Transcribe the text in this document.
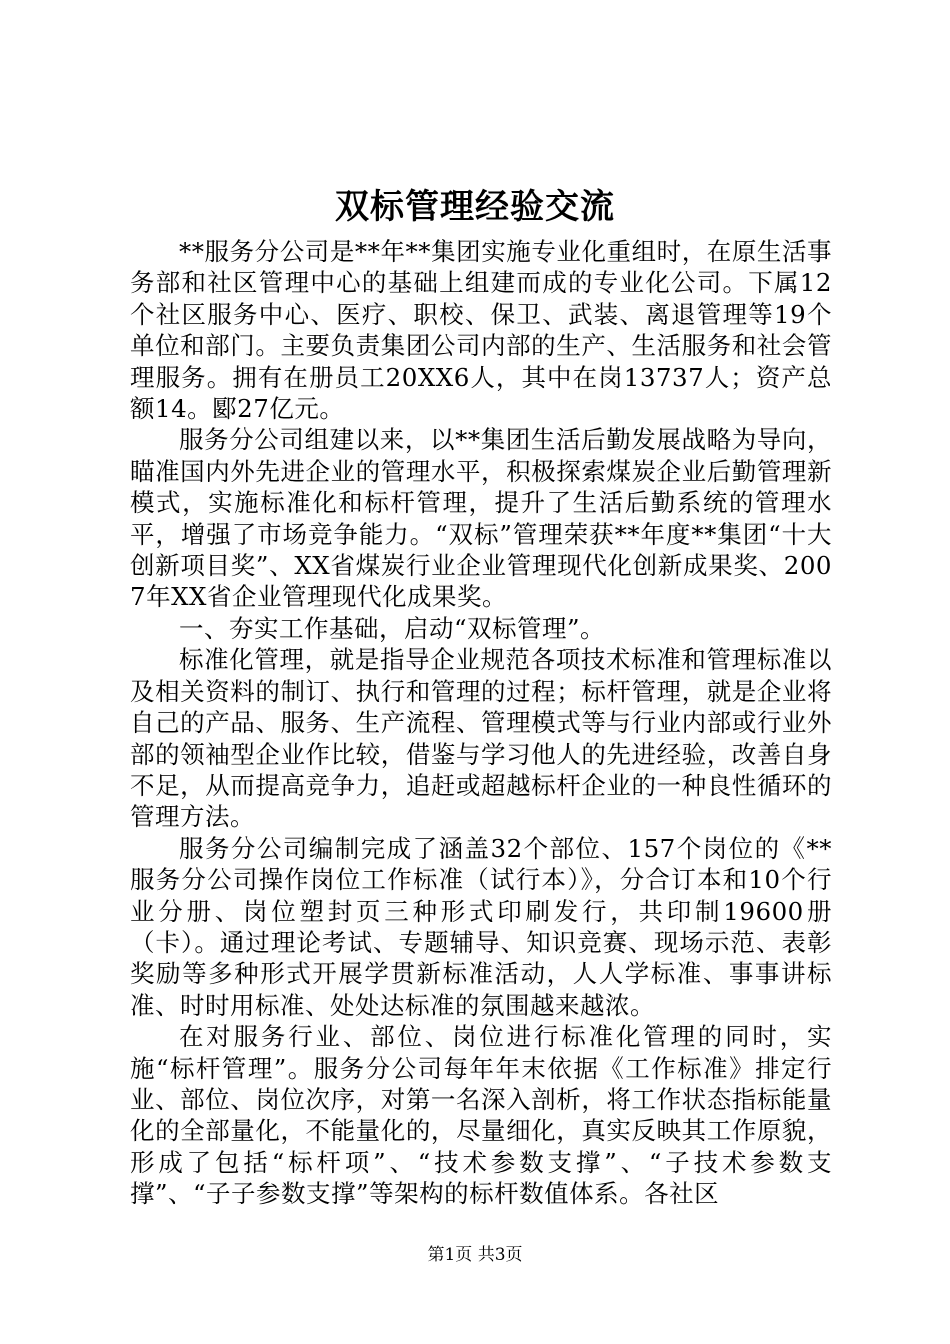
双标管理经验交流

**服务分公司是**年**集团实施专业化重组时，在原生活事务部和社区管理中心的基础上组建而成的专业化公司。下属12个社区服务中心、医疗、职校、保卫、武装、离退管理等19个单位和部门。主要负责集团公司内部的生产、生活服务和社会管理服务。拥有在册员工20XX6人，其中在岗13737人；资产总额14。郾27亿元。

服务分公司组建以来，以**集团生活后勤发展战略为导向，瞄准国内外先进企业的管理水平，积极探索煤炭企业后勤管理新模式，实施标准化和标杆管理，提升了生活后勤系统的管理水平，增强了市场竞争能力。“双标”管理荣获**年度**集团“十大创新项目奖”、XX省煤炭行业企业管理现代化创新成果奖、2007年XX省企业管理现代化成果奖。

一、夯实工作基础，启动“双标管理”。

标准化管理，就是指导企业规范各项技术标准和管理标准以及相关资料的制订、执行和管理的过程；标杆管理，就是企业将自己的产品、服务、生产流程、管理模式等与行业内部或行业外部的领袖型企业作比较，借鉴与学习他人的先进经验，改善自身不足，从而提高竞争力，追赶或超越标杆企业的一种良性循环的管理方法。

服务分公司编制完成了涵盖32个部位、157个岗位的《**服务分公司操作岗位工作标准（试行本）》，分合订本和10个行业分册、岗位塑封页三种形式印刷发行，共印制19600册（卡）。通过理论考试、专题辅导、知识竞赛、现场示范、表彰奖励等多种形式开展学贯新标准活动，人人学标准、事事讲标准、时时用标准、处处达标准的氛围越来越浓。

在对服务行业、部位、岗位进行标准化管理的同时，实施“标杆管理”。服务分公司每年年末依据《工作标准》排定行业、部位、岗位次序，对第一名深入剖析，将工作状态指标能量化的全部量化，不能量化的，尽量细化，真实反映其工作原貌，形成了包括“标杆项”、“技术参数支撑”、“子技术参数支撑”、“子子参数支撑”等架构的标杆数值体系。各社区

第1页 共3页
